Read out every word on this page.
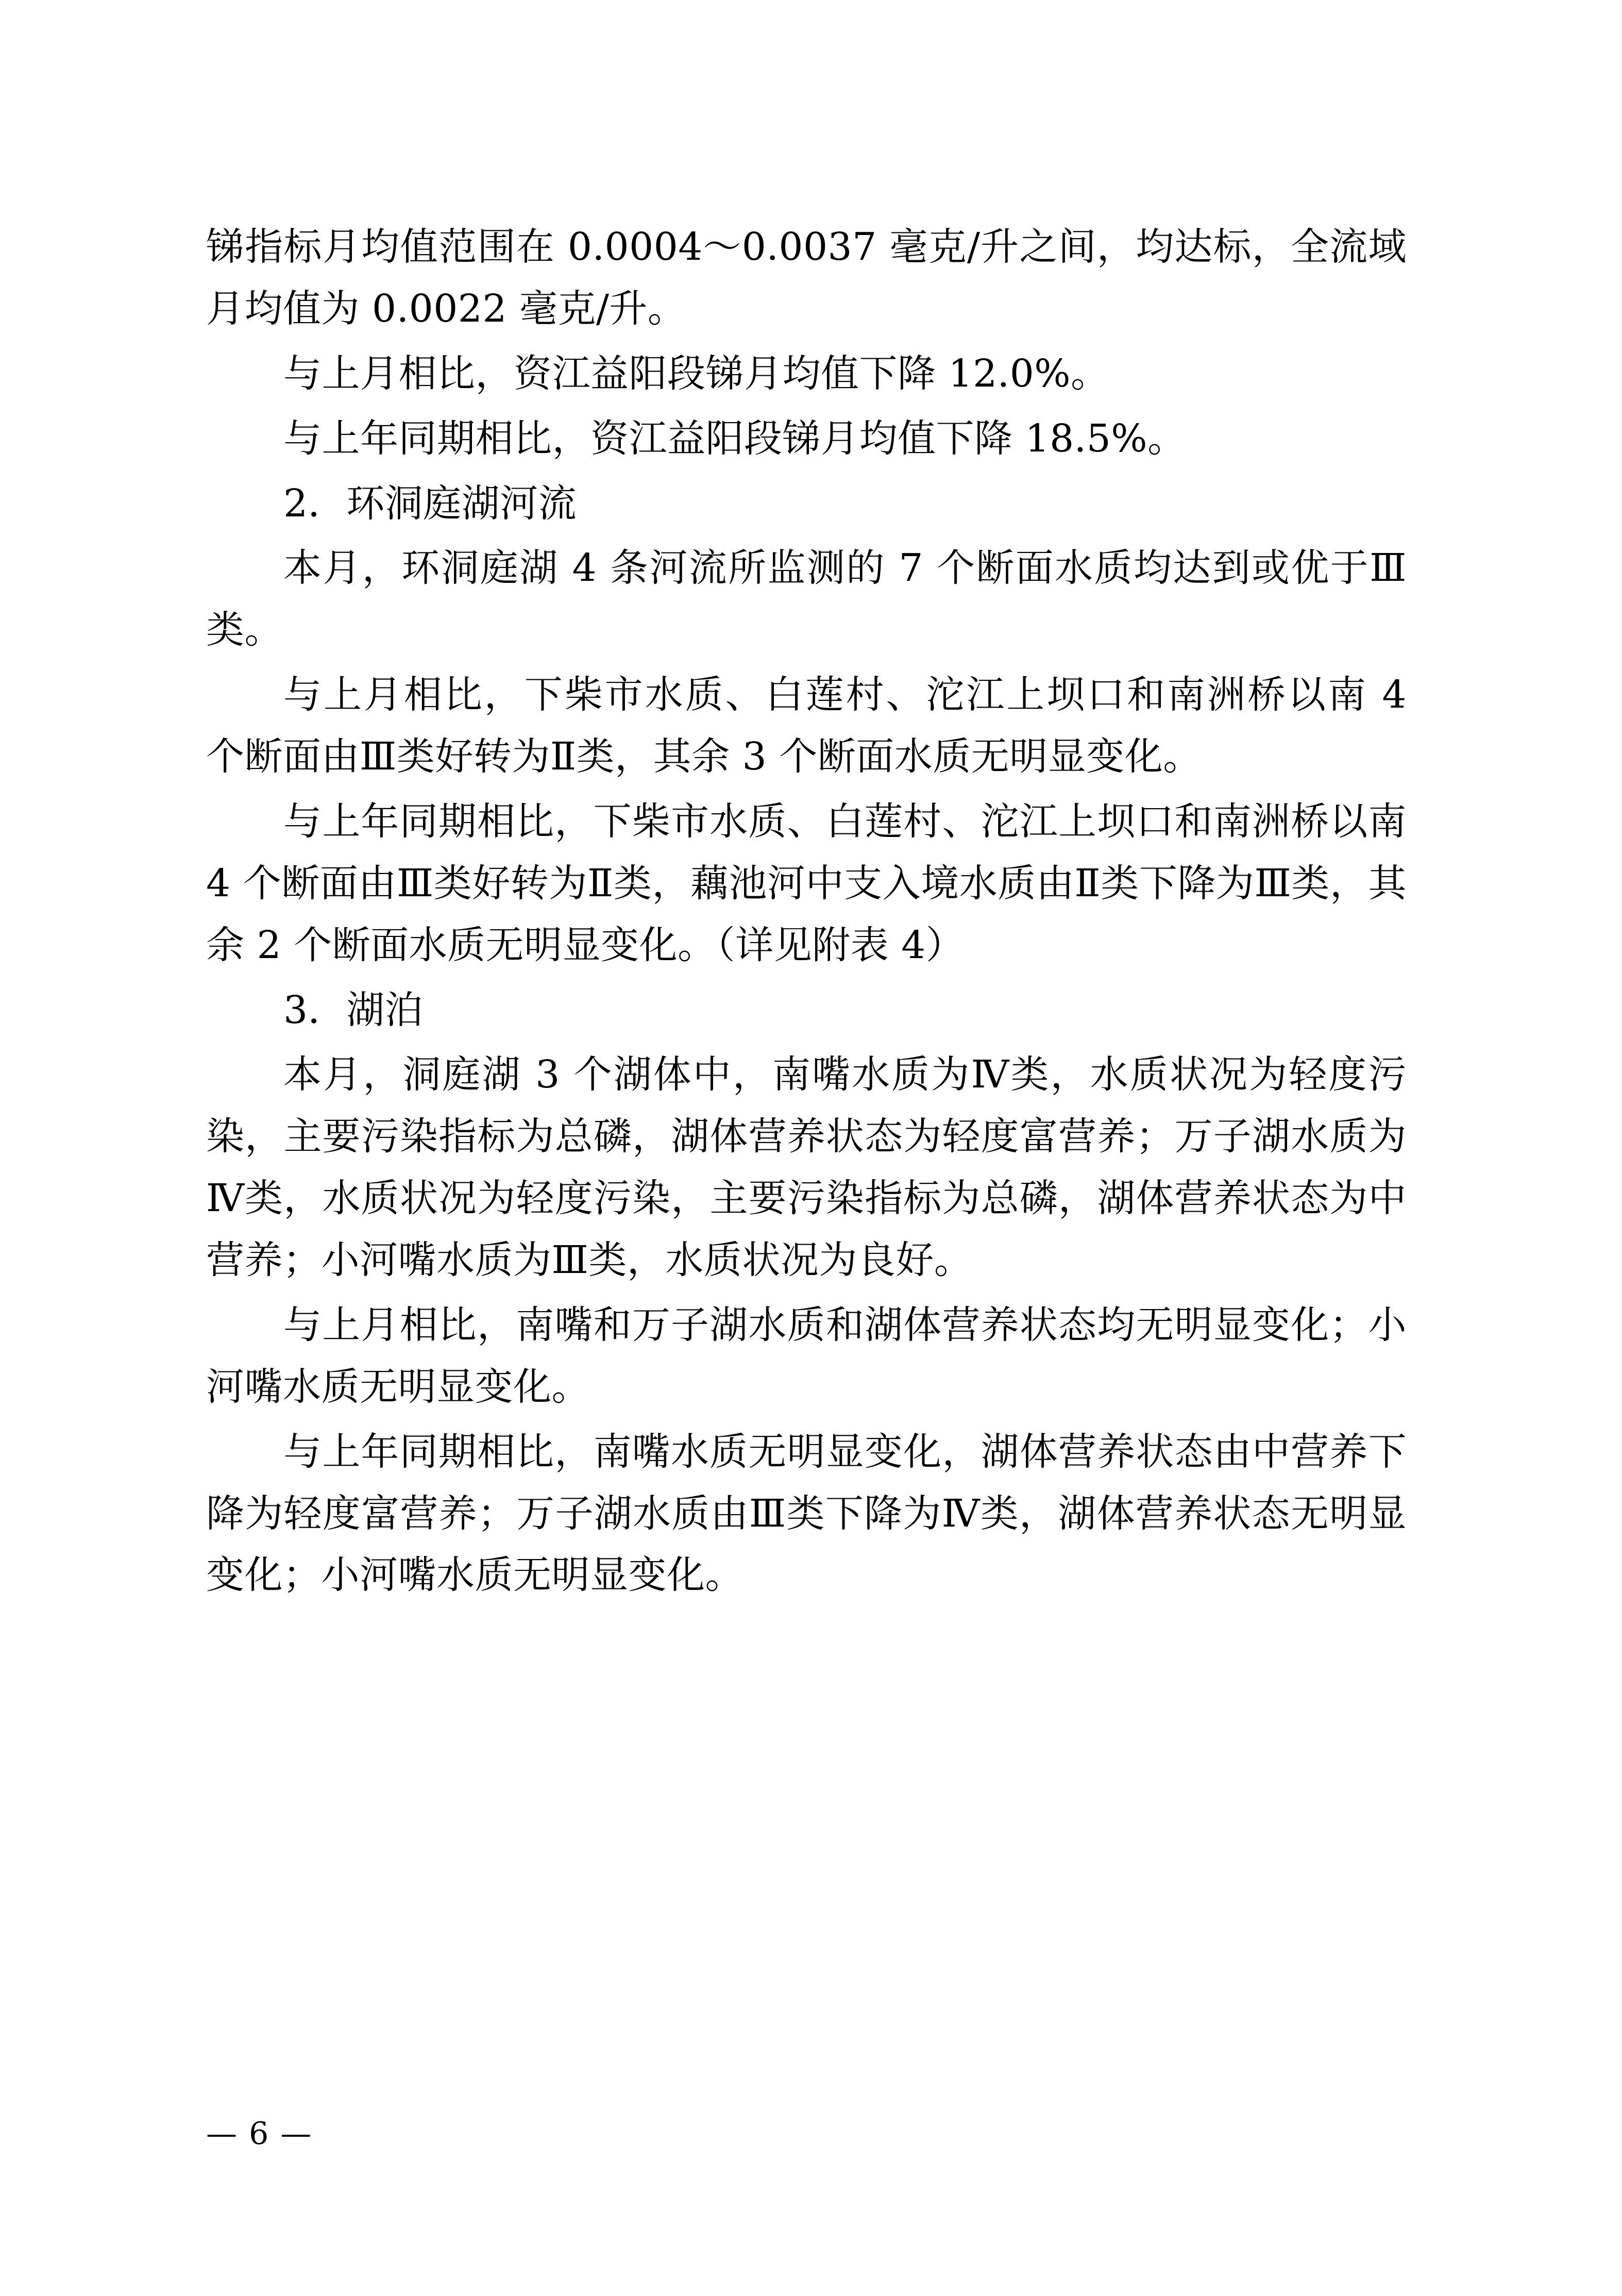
锑指标月均值范围在 0.0004～0.0037 毫克/升之间，均达标，全流域月均值为 0.0022 毫克/升。

与上月相比，资江益阳段锑月均值下降 12.0%。

与上年同期相比，资江益阳段锑月均值下降 18.5%。

2．环洞庭湖河流

本月，环洞庭湖 4 条河流所监测的 7 个断面水质均达到或优于Ⅲ类。

与上月相比，下柴市水质、白莲村、沱江上坝口和南洲桥以南 4 个断面由Ⅲ类好转为Ⅱ类，其余 3 个断面水质无明显变化。

与上年同期相比，下柴市水质、白莲村、沱江上坝口和南洲桥以南 4 个断面由Ⅲ类好转为Ⅱ类，藕池河中支入境水质由Ⅱ类下降为Ⅲ类，其余 2 个断面水质无明显变化。（详见附表 4）

3．湖泊

本月，洞庭湖 3 个湖体中，南嘴水质为Ⅳ类，水质状况为轻度污染，主要污染指标为总磷，湖体营养状态为轻度富营养；万子湖水质为Ⅳ类，水质状况为轻度污染，主要污染指标为总磷，湖体营养状态为中营养；小河嘴水质为Ⅲ类，水质状况为良好。

与上月相比，南嘴和万子湖水质和湖体营养状态均无明显变化；小河嘴水质无明显变化。

与上年同期相比，南嘴水质无明显变化，湖体营养状态由中营养下降为轻度富营养；万子湖水质由Ⅲ类下降为Ⅳ类，湖体营养状态无明显变化；小河嘴水质无明显变化。

— 6 —
